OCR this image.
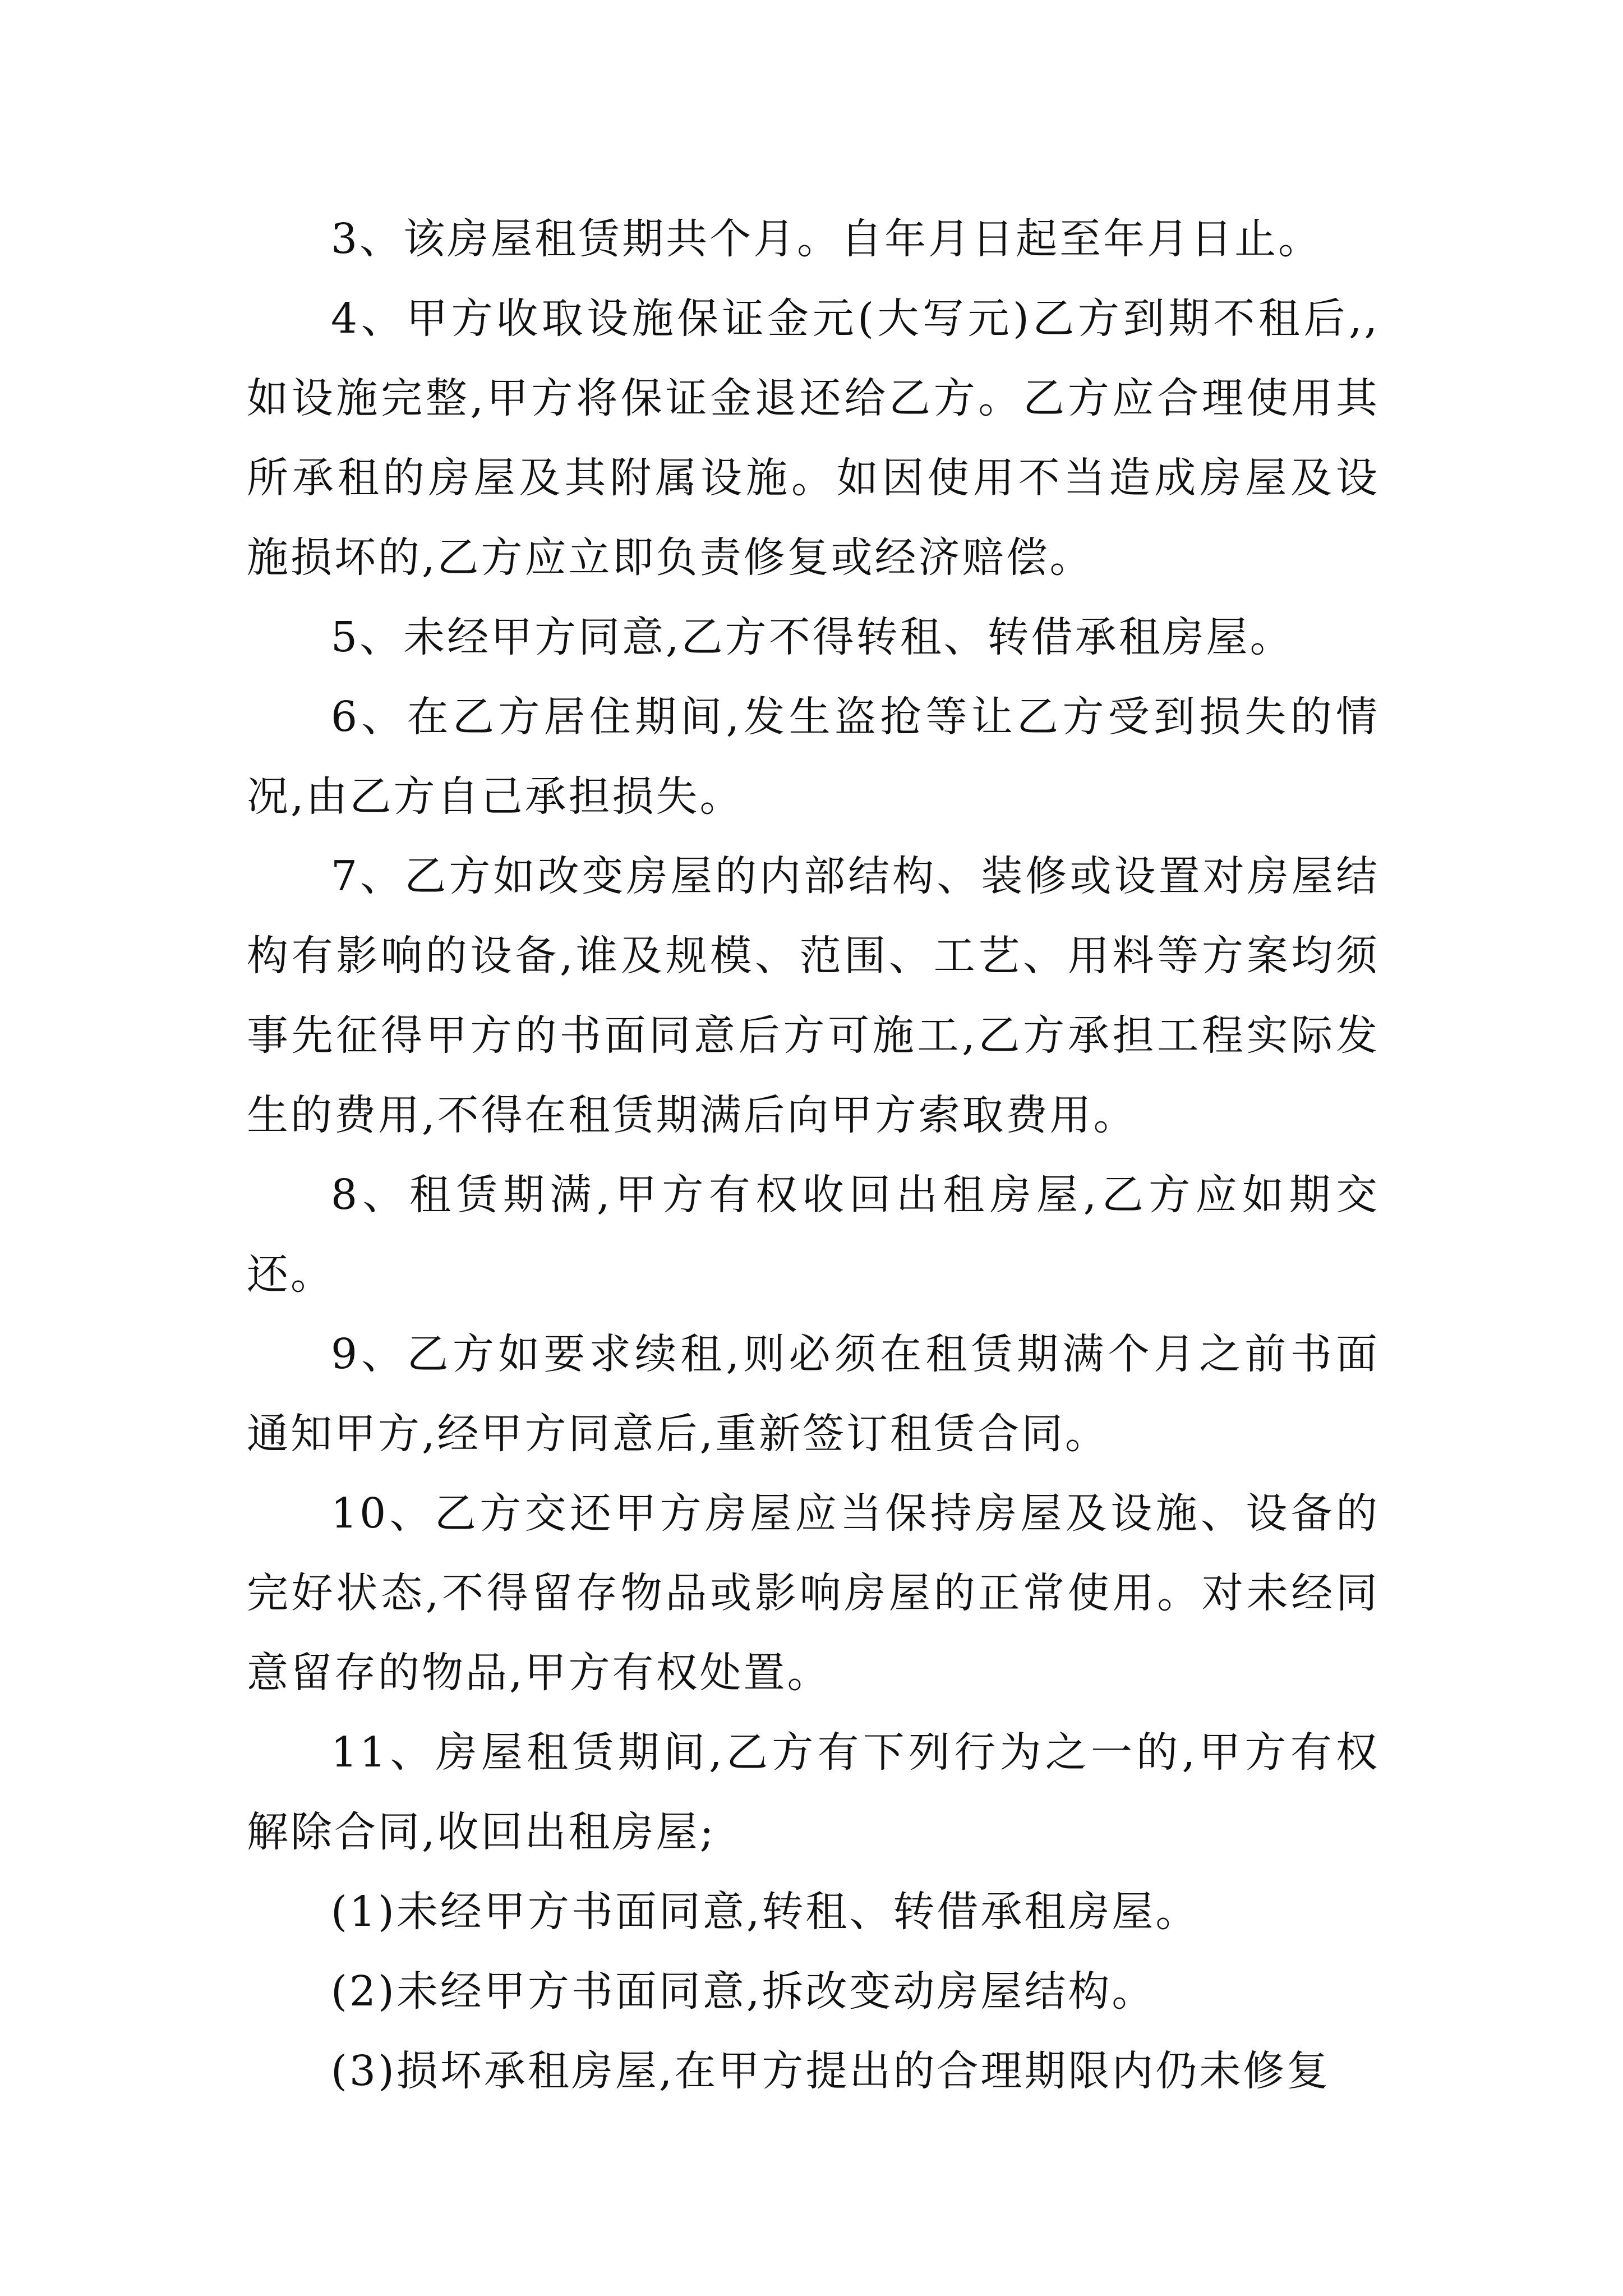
3、该房屋租赁期共个月。自年月日起至年月日止。

4、甲方收取设施保证金元(大写元)乙方到期不租后,,如设施完整,甲方将保证金退还给乙方。乙方应合理使用其所承租的房屋及其附属设施。如因使用不当造成房屋及设施损坏的,乙方应立即负责修复或经济赔偿。

5、未经甲方同意,乙方不得转租、转借承租房屋。

6、在乙方居住期间,发生盗抢等让乙方受到损失的情况,由乙方自己承担损失。

7、乙方如改变房屋的内部结构、装修或设置对房屋结构有影响的设备,谁及规模、范围、工艺、用料等方案均须事先征得甲方的书面同意后方可施工,乙方承担工程实际发生的费用,不得在租赁期满后向甲方索取费用。

8、租赁期满,甲方有权收回出租房屋,乙方应如期交还。

9、乙方如要求续租,则必须在租赁期满个月之前书面通知甲方,经甲方同意后,重新签订租赁合同。

10、乙方交还甲方房屋应当保持房屋及设施、设备的完好状态,不得留存物品或影响房屋的正常使用。对未经同意留存的物品,甲方有权处置。

11、房屋租赁期间,乙方有下列行为之一的,甲方有权解除合同,收回出租房屋;

(1)未经甲方书面同意,转租、转借承租房屋。

(2)未经甲方书面同意,拆改变动房屋结构。

(3)损坏承租房屋,在甲方提出的合理期限内仍未修复
